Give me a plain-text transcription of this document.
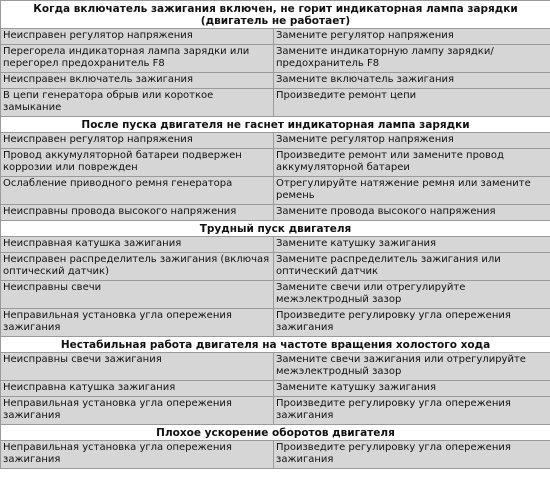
Когда включатель зажигания включен, не горит индикаторная лампа зарядки (двигатель не работает)	
Неисправен регулятор напряжения	Замените регулятор напряжения
Перегорела индикаторная лампа зарядки или перегорел предохранитель F8	Замените индикаторную лампу зарядки/ предохранитель F8
Неисправен включатель зажигания	Замените включатель зажигания
В цепи генератора обрыв или короткое замыкание	Произведите ремонт цепи
После пуска двигателя не гаснет индикаторная лампа зарядки	
Неисправен регулятор напряжения	Замените регулятор напряжения
Провод аккумуляторной батареи подвержен коррозии или поврежден	Произведите ремонт или замените провод аккумуляторной батареи
Ослабление приводного ремня генератора	Отрегулируйте натяжение ремня или замените ремень
Неисправны провода высокого напряжения	Замените провода высокого напряжения
Трудный пуск двигателя	
Неисправная катушка зажигания	Замените катушку зажигания
Неисправен распределитель зажигания (включая оптический датчик)	Замените распределитель зажигания или оптический датчик
Неисправны свечи	Замените свечи или отрегулируйте межэлектродный зазор
Неправильная установка угла опережения зажигания	Произведите регулировку угла опережения зажигания
Нестабильная работа двигателя на частоте вращения холостого хода	
Неисправны свечи зажигания	Замените свечи зажигания или отрегулируйте межэлектродный зазор
Неисправна катушка зажигания	Замените катушку зажигания
Неправильная установка угла опережения зажигания	Произведите регулировку угла опережения зажигания
Плохое ускорение оборотов двигателя	
Неправильная установка угла опережения зажигания	Произведите регулировку угла опережения зажигания
